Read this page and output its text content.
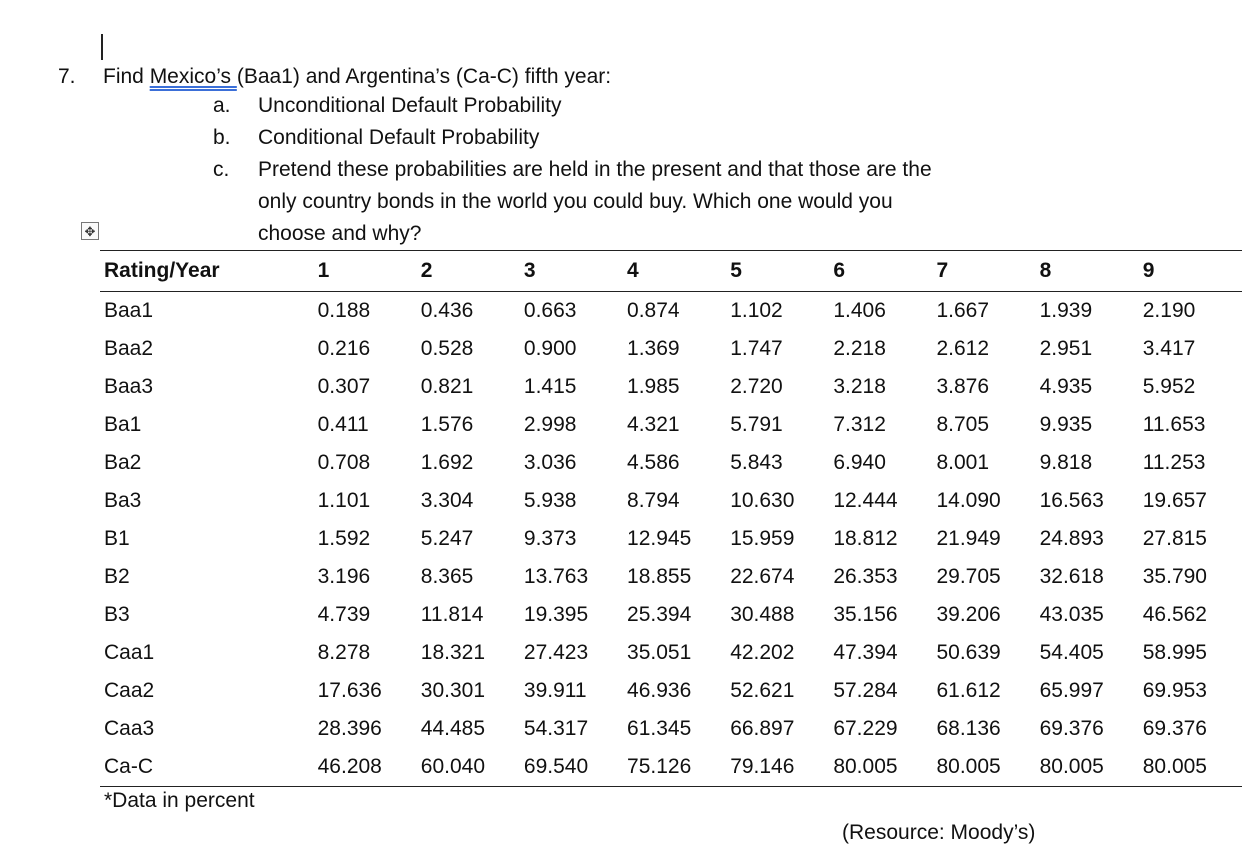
7. Find Mexico’s (Baa1) and Argentina’s (Ca-C) fifth year:
a. Unconditional Default Probability
b. Conditional Default Probability
c. Pretend these probabilities are held in the present and that those are the
only country bonds in the world you could buy. Which one would you
choose and why?
✥
Rating/Year	1	2	3	4	5	6	7	8	9
Baa1	0.188	0.436	0.663	0.874	1.102	1.406	1.667	1.939	2.190
Baa2	0.216	0.528	0.900	1.369	1.747	2.218	2.612	2.951	3.417
Baa3	0.307	0.821	1.415	1.985	2.720	3.218	3.876	4.935	5.952
Ba1	0.411	1.576	2.998	4.321	5.791	7.312	8.705	9.935	11.653
Ba2	0.708	1.692	3.036	4.586	5.843	6.940	8.001	9.818	11.253
Ba3	1.101	3.304	5.938	8.794	10.630	12.444	14.090	16.563	19.657
B1	1.592	5.247	9.373	12.945	15.959	18.812	21.949	24.893	27.815
B2	3.196	8.365	13.763	18.855	22.674	26.353	29.705	32.618	35.790
B3	4.739	11.814	19.395	25.394	30.488	35.156	39.206	43.035	46.562
Caa1	8.278	18.321	27.423	35.051	42.202	47.394	50.639	54.405	58.995
Caa2	17.636	30.301	39.911	46.936	52.621	57.284	61.612	65.997	69.953
Caa3	28.396	44.485	54.317	61.345	66.897	67.229	68.136	69.376	69.376
Ca-C	46.208	60.040	69.540	75.126	79.146	80.005	80.005	80.005	80.005
*Data in percent
(Resource: Moody’s)
